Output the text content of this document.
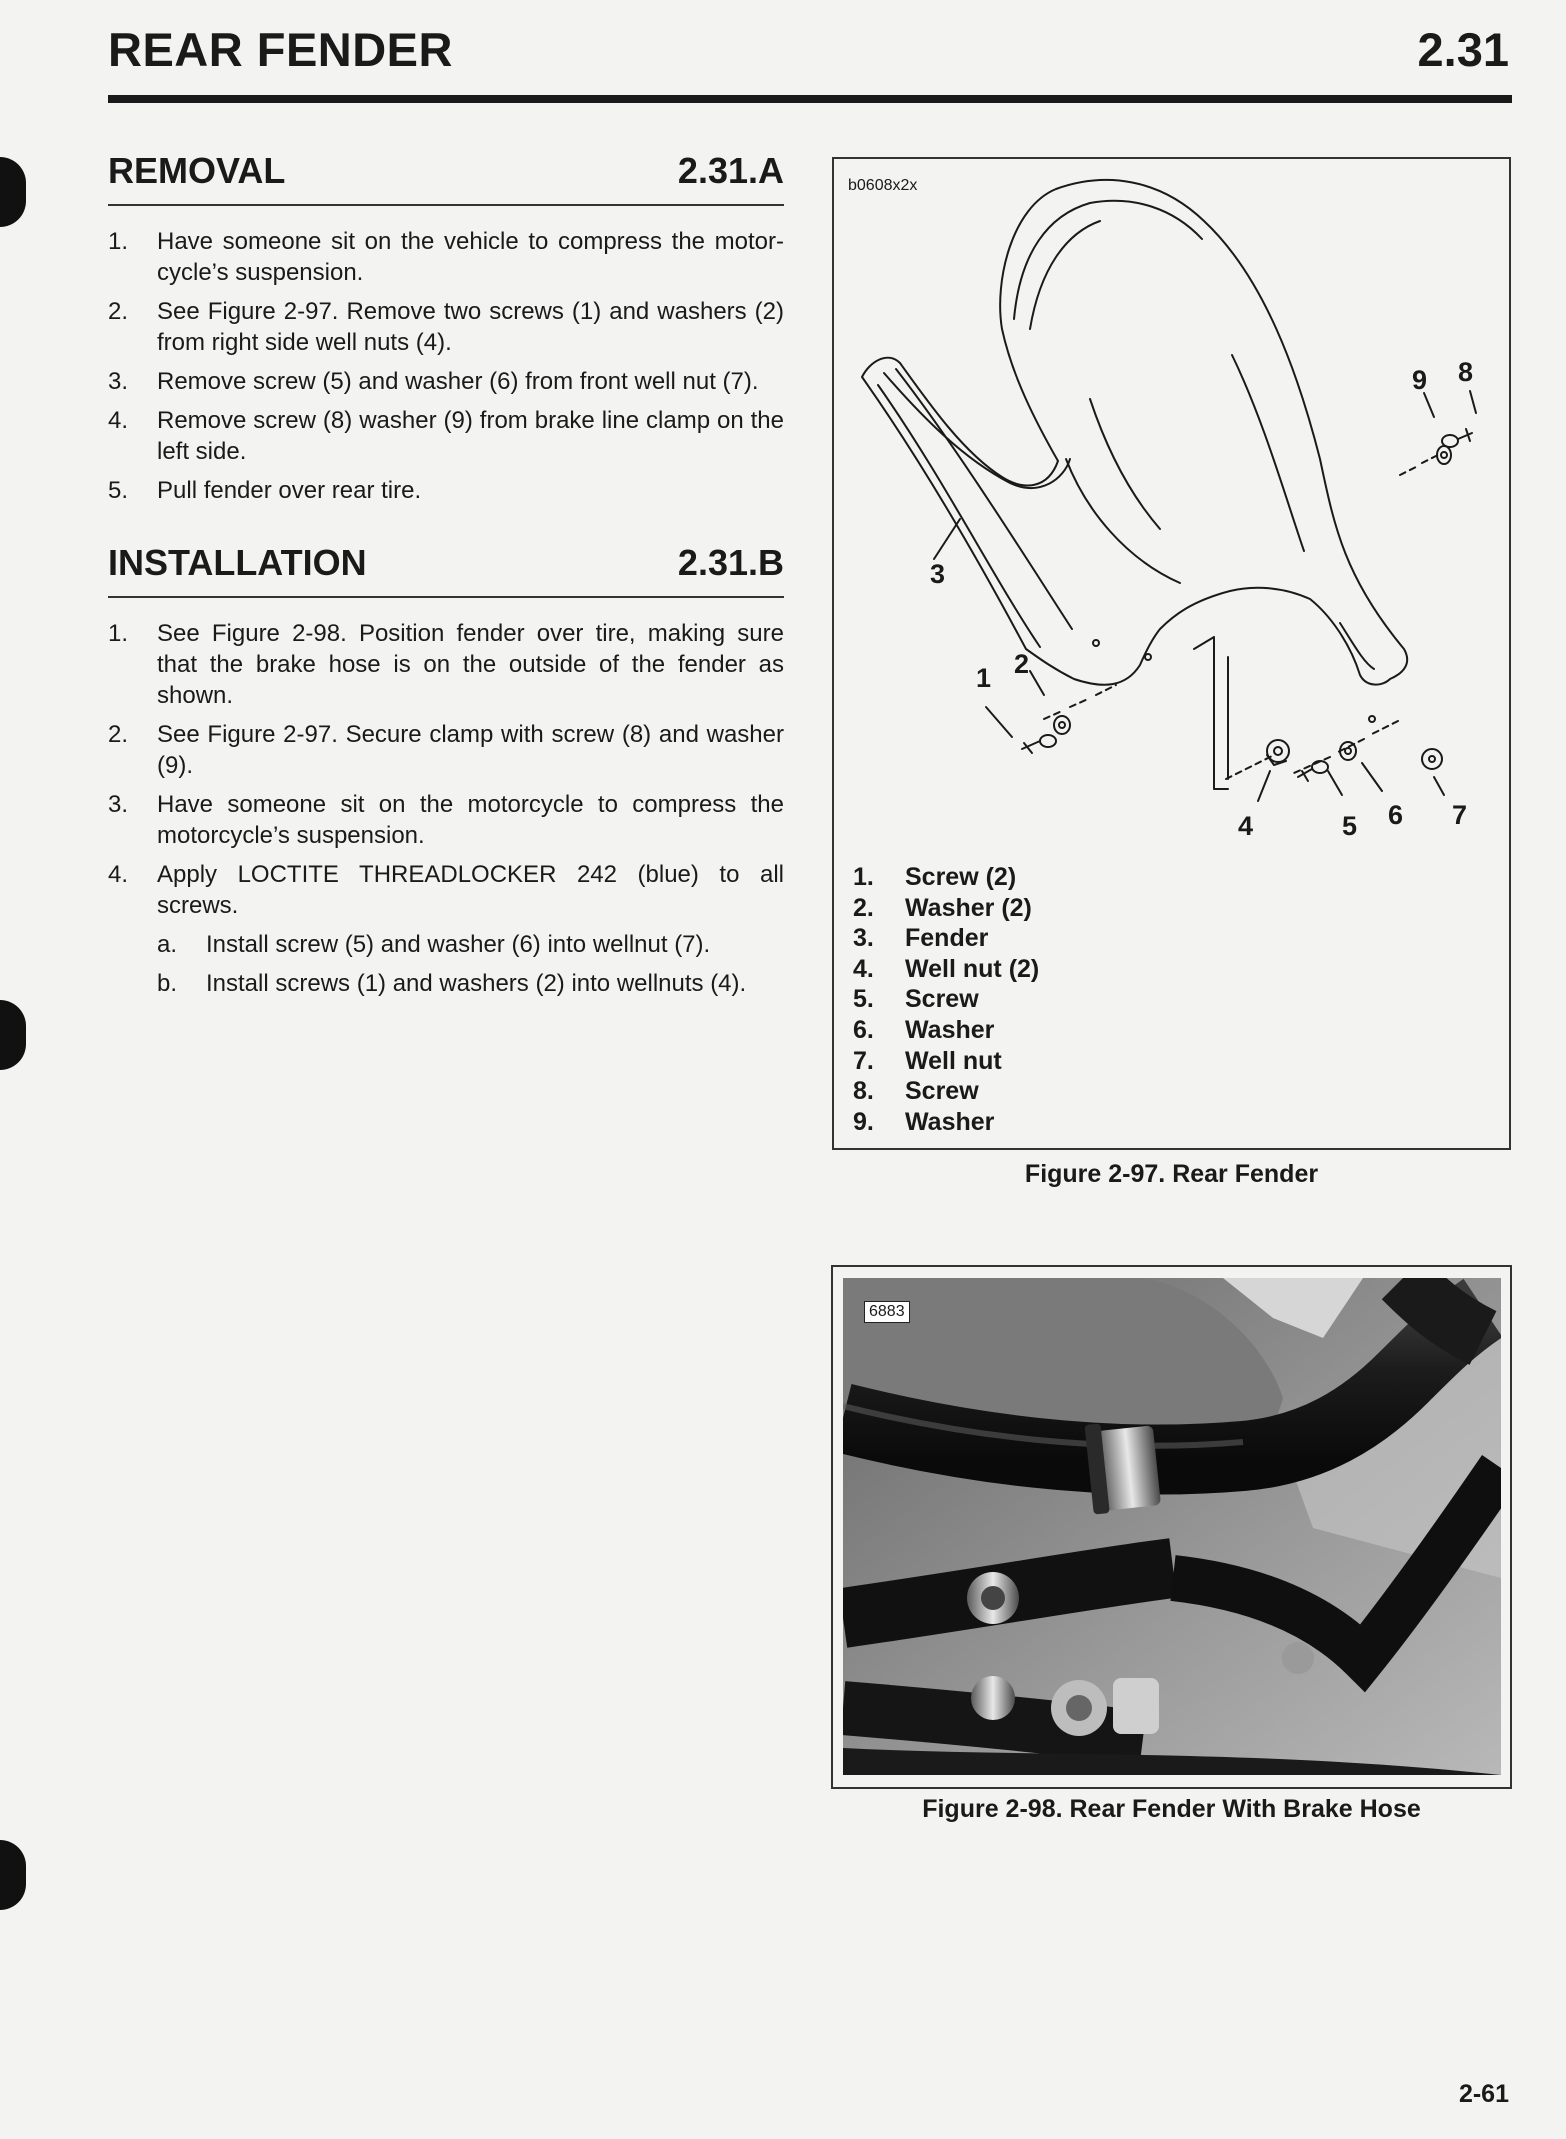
REAR FENDER	2.31
REMOVAL	2.31.A
1. Have someone sit on the vehicle to compress the motor-cycle’s suspension.
2. See Figure 2-97. Remove two screws (1) and washers (2) from right side well nuts (4).
3. Remove screw (5) and washer (6) from front well nut (7).
4. Remove screw (8) washer (9) from brake line clamp on the left side.
5. Pull fender over rear tire.
INSTALLATION	2.31.B
1. See Figure 2-98. Position fender over tire, making sure that the brake hose is on the outside of the fender as shown.
2. See Figure 2-97. Secure clamp with screw (8) and washer (9).
3. Have someone sit on the motorcycle to compress the motorcycle’s suspension.
4. Apply LOCTITE THREADLOCKER 242 (blue) to all screws.
a. Install screw (5) and washer (6) into wellnut (7).
b. Install screws (1) and washers (2) into wellnuts (4).
b0608x2x
1 2
3
4	5 6 7
8
9
1. Screw (2)
2. Washer (2)
3. Fender
4. Well nut (2)
5. Screw
6. Washer
7. Well nut
8. Screw
9. Washer
Figure 2-97. Rear Fender
6883
Figure 2-98. Rear Fender With Brake Hose
2-61
